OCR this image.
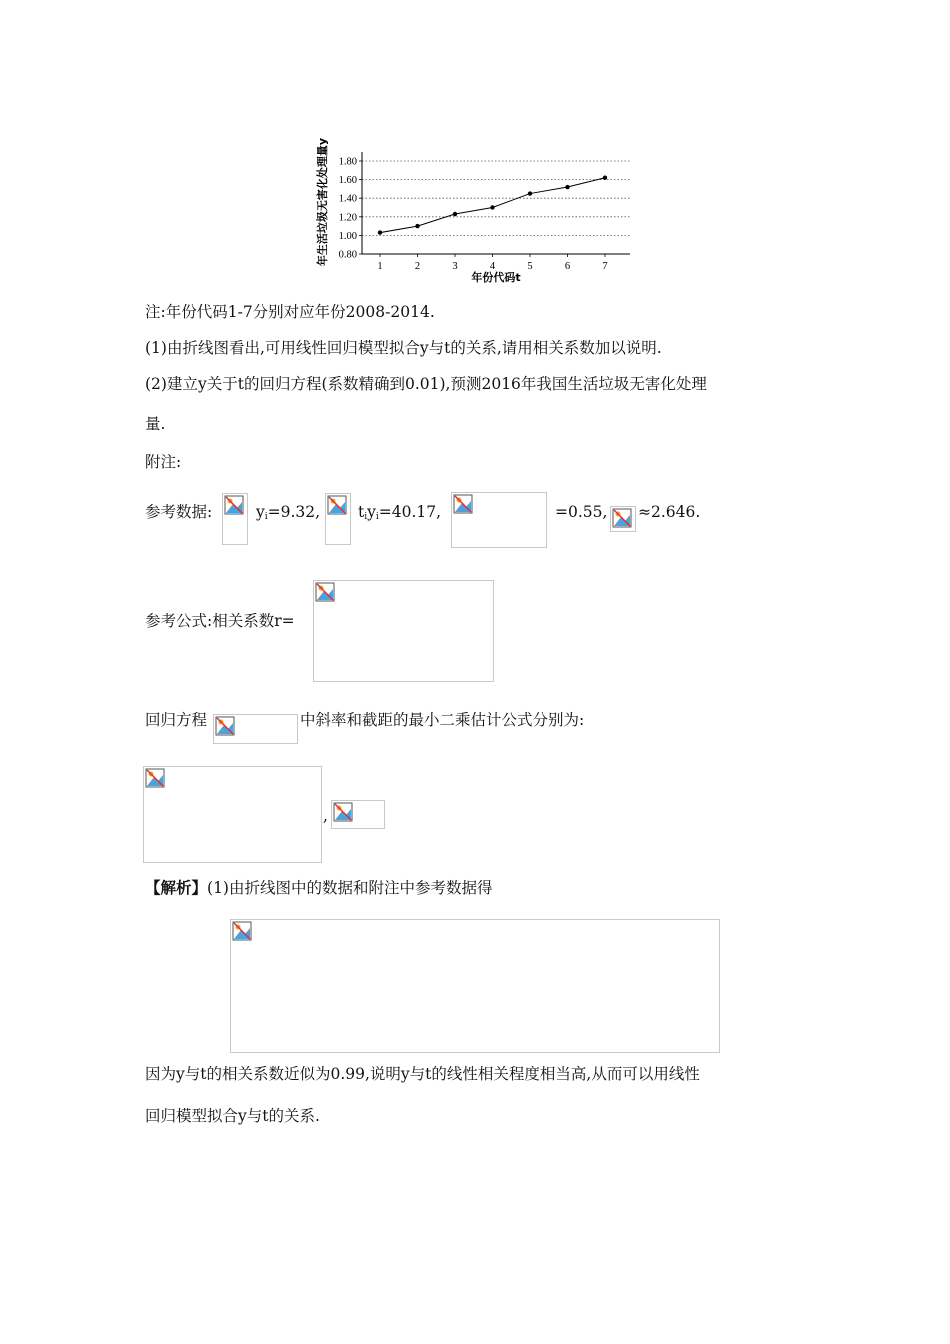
0.80
1.00
1.20
1.40
1.60
1.80
1	2	3	4	5	6	7
年份代码t
年生活垃圾无害化处理量y
注:年份代码1-7分别对应年份2008-2014.
(1)由折线图看出,可用线性回归模型拟合y与t的关系,请用相关系数加以说明.
(2)建立y关于t的回归方程(系数精确到0.01),预测2016年我国生活垃圾无害化处理
量.
附注:
参考数据:	$y_i=9.32$, $t_iy_i=40.17$,	=0.55, ≈2.646.
参考公式:相关系数r=
回归方程	中斜率和截距的最小二乘估计公式分别为:
,
【解析】(1)由折线图中的数据和附注中参考数据得
因为y与t的相关系数近似为0.99,说明y与t的线性相关程度相当高,从而可以用线性
回归模型拟合y与t的关系.
